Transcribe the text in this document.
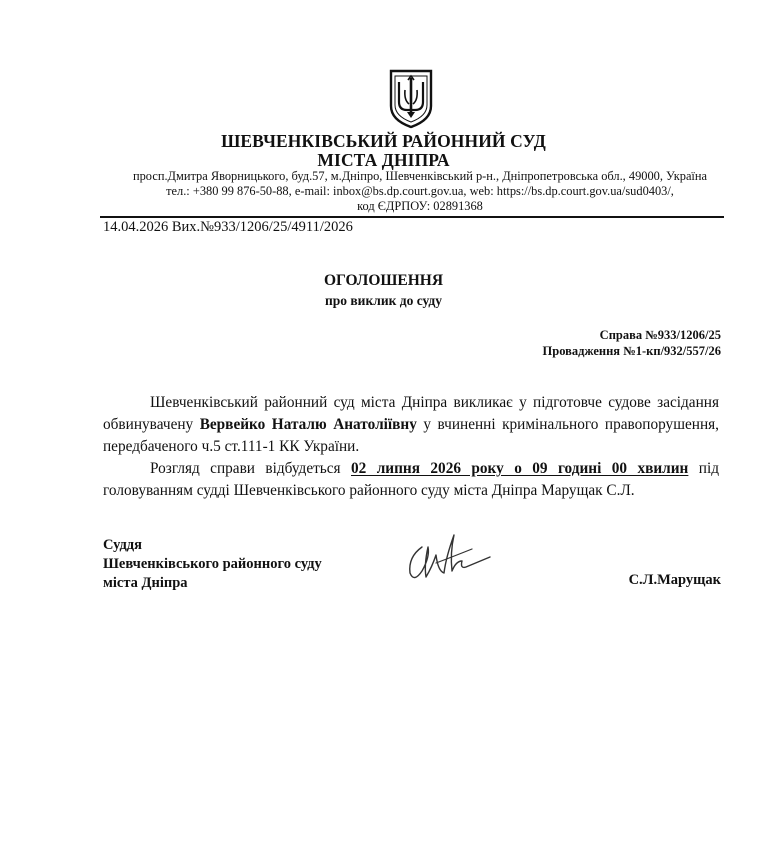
ШЕВЧЕНКІВСЬКИЙ РАЙОННИЙ СУД
МІСТА ДНІПРА
просп.Дмитра Яворницького, буд.57, м.Дніпро, Шевченківський р-н., Дніпропетровська обл., 49000, Україна
тел.: +380 99 876-50-88, e-mail: inbox@bs.dp.court.gov.ua, web: https://bs.dp.court.gov.ua/sud0403/,
код ЄДРПОУ: 02891368
14.04.2026 Вих.№933/1206/25/4911/2026
ОГОЛОШЕННЯ
про виклик до суду
Справа №933/1206/25
Провадження №1-кп/932/557/26

Шевченківський районний суд міста Дніпра викликає у підготовче судове засідання обвинувачену Вервейко Наталю Анатоліївну у вчиненні кримінального правопорушення, передбаченого ч.5 ст.111-1 КК України.

Розгляд справи відбудеться 02 липня 2026 року о 09 годині 00 хвилин під головуванням судді Шевченківського районного суду міста Дніпра Марущак С.Л.

Суддя
Шевченківського районного суду
міста Дніпра	С.Л.Марущак
